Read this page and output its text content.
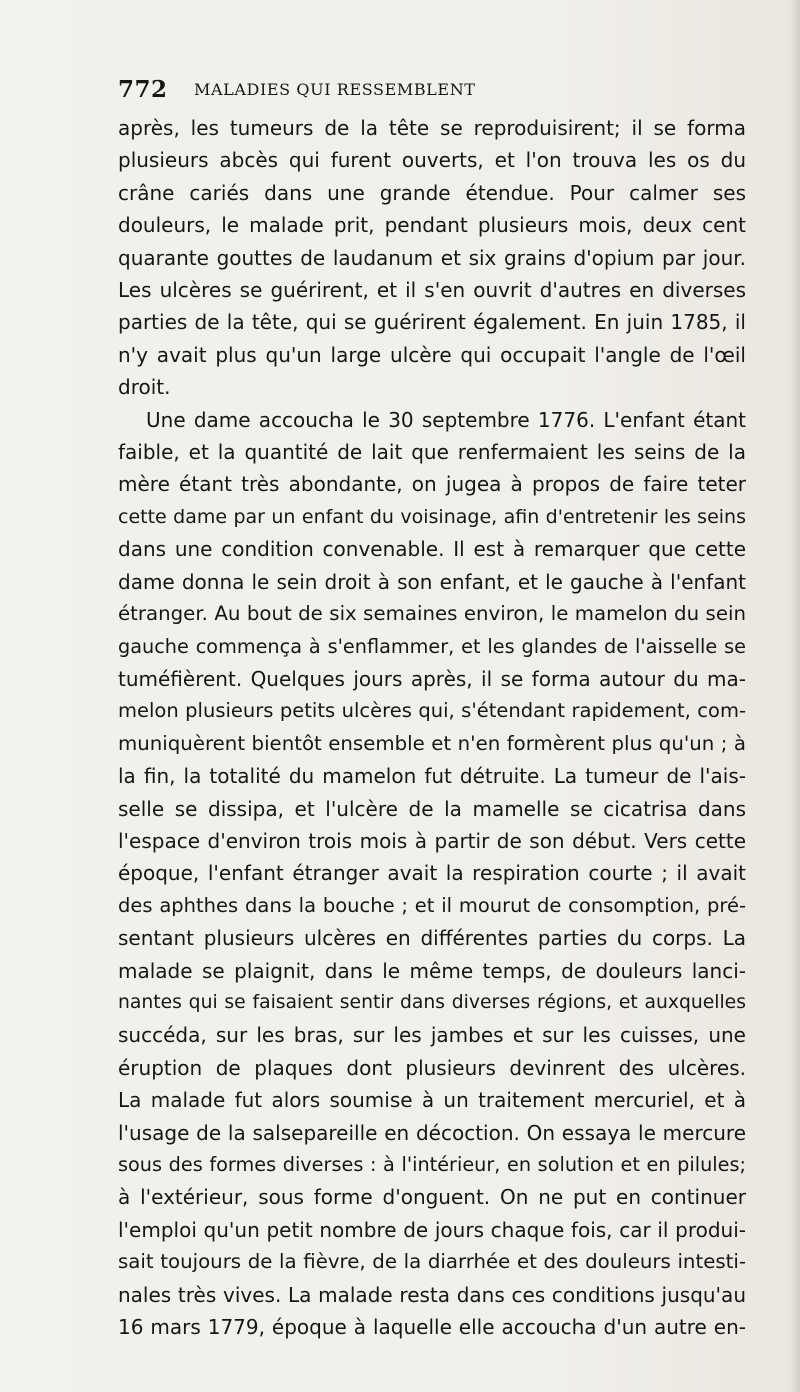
772 MALADIES QUI RESSEMBLENT
après, les tumeurs de la tête se reproduisirent; il se forma
plusieurs abcès qui furent ouverts, et l'on trouva les os du
crâne cariés dans une grande étendue. Pour calmer ses
douleurs, le malade prit, pendant plusieurs mois, deux cent
quarante gouttes de laudanum et six grains d'opium par jour.
Les ulcères se guérirent, et il s'en ouvrit d'autres en diverses
parties de la tête, qui se guérirent également. En juin 1785, il
n'y avait plus qu'un large ulcère qui occupait l'angle de l'œil
droit.
Une dame accoucha le 30 septembre 1776. L'enfant étant
faible, et la quantité de lait que renfermaient les seins de la
mère étant très abondante, on jugea à propos de faire teter
cette dame par un enfant du voisinage, afin d'entretenir les seins
dans une condition convenable. Il est à remarquer que cette
dame donna le sein droit à son enfant, et le gauche à l'enfant
étranger. Au bout de six semaines environ, le mamelon du sein
gauche commença à s'enflammer, et les glandes de l'aisselle se
tuméfièrent. Quelques jours après, il se forma autour du ma-
melon plusieurs petits ulcères qui, s'étendant rapidement, com-
muniquèrent bientôt ensemble et n'en formèrent plus qu'un ; à
la fin, la totalité du mamelon fut détruite. La tumeur de l'ais-
selle se dissipa, et l'ulcère de la mamelle se cicatrisa dans
l'espace d'environ trois mois à partir de son début. Vers cette
époque, l'enfant étranger avait la respiration courte ; il avait
des aphthes dans la bouche ; et il mourut de consomption, pré-
sentant plusieurs ulcères en différentes parties du corps. La
malade se plaignit, dans le même temps, de douleurs lanci-
nantes qui se faisaient sentir dans diverses régions, et auxquelles
succéda, sur les bras, sur les jambes et sur les cuisses, une
éruption de plaques dont plusieurs devinrent des ulcères.
La malade fut alors soumise à un traitement mercuriel, et à
l'usage de la salsepareille en décoction. On essaya le mercure
sous des formes diverses : à l'intérieur, en solution et en pilules;
à l'extérieur, sous forme d'onguent. On ne put en continuer
l'emploi qu'un petit nombre de jours chaque fois, car il produi-
sait toujours de la fièvre, de la diarrhée et des douleurs intesti-
nales très vives. La malade resta dans ces conditions jusqu'au
16 mars 1779, époque à laquelle elle accoucha d'un autre en-
